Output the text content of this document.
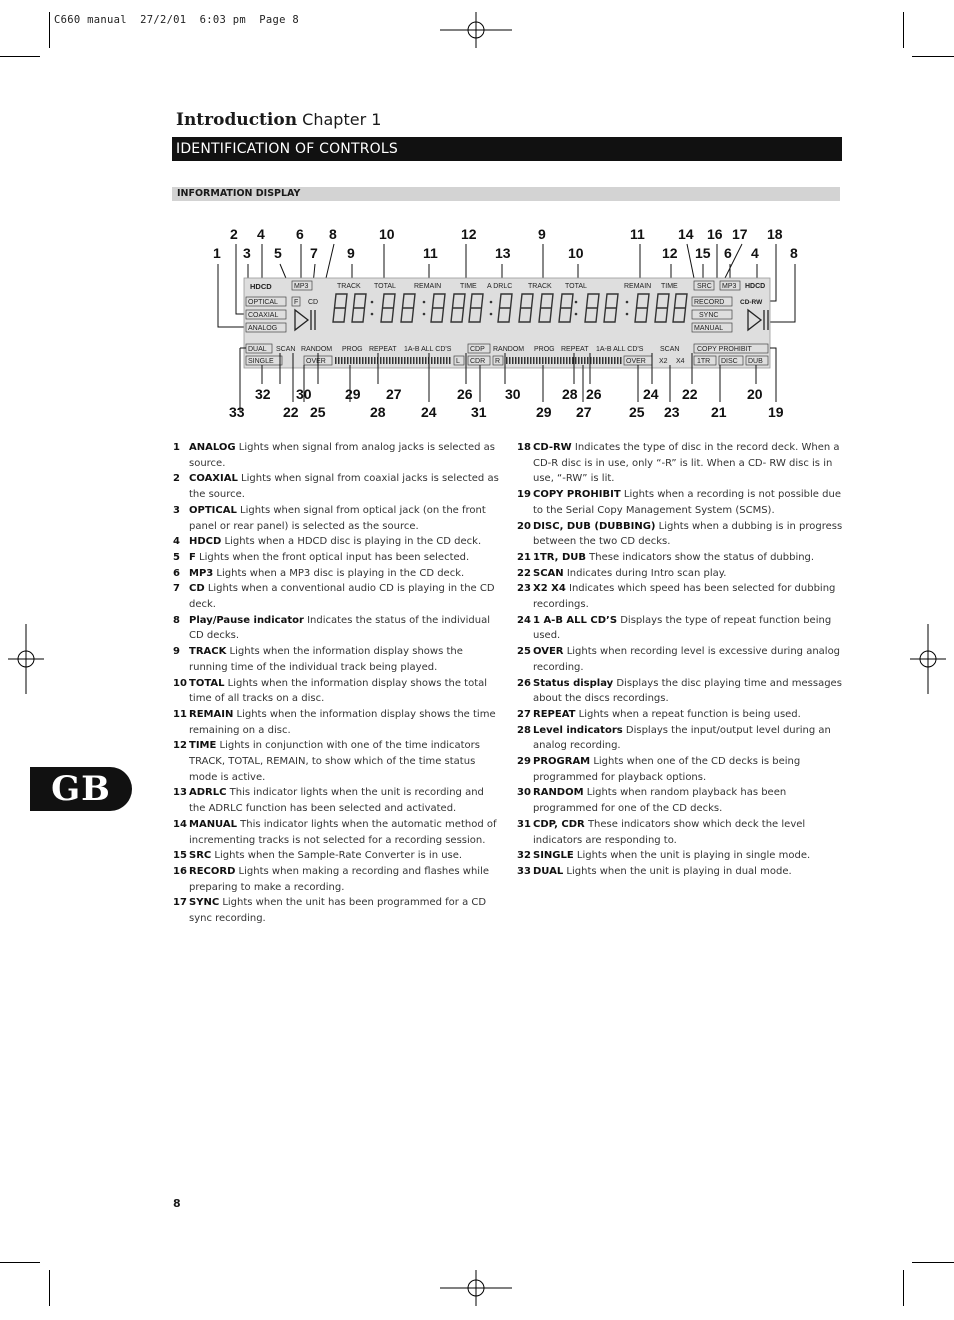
C660 manual  27/2/01  6:03 pm  Page 8
Introduction Chapter 1
IDENTIFICATION OF CONTROLS
INFORMATION DISPLAY
2 4 6 8	10	12	9	11 14 16 17 18
1 3 5 7 9	11	13	10	12 15 6 4 8
HDCD	MP3
OPTICAL F CD
COAXIAL
ANALOG
TRACK TOTAL	REMAIN	TIME A DRLC TRACK TOTAL	REMAIN TIME	SRC MP3 HDCD
RECORD CD-RW
SYNC
MANUAL
DUAL SCAN RANDOM PROG REPEAT 1A-B ALL CD'S	CDP RANDOM PROG REPEAT 1A-B ALL CD'S SCAN	COPY PROHIBIT
SINGLE	OVER	L CDR R	OVER X2 X4 1TR DISC DUB
32 30 29 27	26 30	28 26	24 22	20
33	22 25	28	24 31	29 27	25 23 21	19
1 ANALOG Lights when signal from analog jacks is selected as source.
2 COAXIAL Lights when signal from coaxial jacks is selected as the source.
3 OPTICAL Lights when signal from optical jack (on the front panel or rear panel) is selected as the source.
4 HDCD Lights when a HDCD disc is playing in the CD deck.
5 F Lights when the front optical input has been selected.
6 MP3 Lights when a MP3 disc is playing in the CD deck.
7 CD Lights when a conventional audio CD is playing in the CD deck.
8 Play/Pause indicator Indicates the status of the individual CD decks.
9 TRACK Lights when the information display shows the running time of the individual track being played.
10 TOTAL Lights when the information display shows the total time of all tracks on a disc.
11 REMAIN Lights when the information display shows the time remaining on a disc.
12 TIME Lights in conjunction with one of the time indicators TRACK, TOTAL, REMAIN, to show which of the time status mode is active.
13 ADRLC This indicator lights when the unit is recording and the ADRLC function has been selected and activated.
14 MANUAL This indicator lights when the automatic method of incrementing tracks is not selected for a recording session.
15 SRC Lights when the Sample-Rate Converter is in use.
16 RECORD Lights when making a recording and flashes while preparing to make a recording.
17 SYNC Lights when the unit has been programmed for a CD sync recording.
18 CD-RW Indicates the type of disc in the record deck. When a CD-R disc is in use, only “-R” is lit. When a CD- RW disc is in use, “-RW” is lit.
19 COPY PROHIBIT Lights when a recording is not possible due to the Serial Copy Management System (SCMS).
20 DISC, DUB (DUBBING) Lights when a dubbing is in progress between the two CD decks.
21 1TR, DUB These indicators show the status of dubbing.
22 SCAN Indicates during Intro scan play.
23 X2 X4 Indicates which speed has been selected for dubbing recordings.
24 1 A-B ALL CD’S Displays the type of repeat function being used.
25 OVER Lights when recording level is excessive during analog recording.
26 Status display Displays the disc playing time and messages about the discs recordings.
27 REPEAT Lights when a repeat function is being used.
28 Level indicators Displays the input/output level during an analog recording.
29 PROGRAM Lights when one of the CD decks is being programmed for playback options.
30 RANDOM Lights when random playback has been programmed for one of the CD decks.
31 CDP, CDR These indicators show which deck the level indicators are responding to.
32 SINGLE Lights when the unit is playing in single mode.
33 DUAL Lights when the unit is playing in dual mode.
GB
8
